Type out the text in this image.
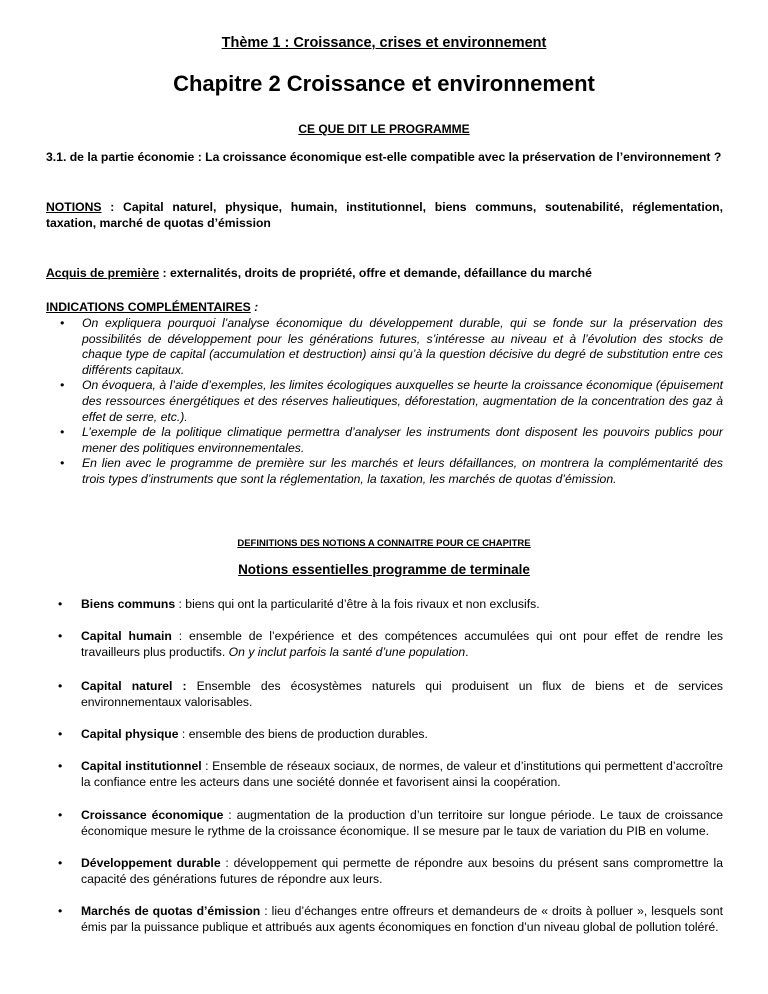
Thème 1 : Croissance, crises et environnement
Chapitre 2 Croissance et environnement
CE QUE DIT LE PROGRAMME

3.1. de la partie économie : La croissance économique est-elle compatible avec la préservation de l’environnement ?

NOTIONS : Capital naturel, physique, humain, institutionnel, biens communs, soutenabilité, réglementation, taxation, marché de quotas d’émission

Acquis de première : externalités, droits de propriété, offre et demande, défaillance du marché

INDICATIONS COMPLÉMENTAIRES :

• On expliquera pourquoi l’analyse économique du développement durable, qui se fonde sur la préservation des possibilités de développement pour les générations futures, s’intéresse au niveau et à l’évolution des stocks de chaque type de capital (accumulation et destruction) ainsi qu’à la question décisive du degré de substitution entre ces différents capitaux.

• On évoquera, à l’aide d’exemples, les limites écologiques auxquelles se heurte la croissance économique (épuisement des ressources énergétiques et des réserves halieutiques, déforestation, augmentation de la concentration des gaz à effet de serre, etc.).

• L’exemple de la politique climatique permettra d’analyser les instruments dont disposent les pouvoirs publics pour mener des politiques environnementales.

• En lien avec le programme de première sur les marchés et leurs défaillances, on montrera la complémentarité des trois types d’instruments que sont la réglementation, la taxation, les marchés de quotas d’émission.

DEFINITIONS DES NOTIONS A CONNAITRE POUR CE CHAPITRE
Notions essentielles programme de terminale
• Biens communs : biens qui ont la particularité d’être à la fois rivaux et non exclusifs.
• Capital humain : ensemble de l’expérience et des compétences accumulées qui ont pour effet de rendre les travailleurs plus productifs. On y inclut parfois la santé d’une population.
• Capital naturel : Ensemble des écosystèmes naturels qui produisent un flux de biens et de services environnementaux valorisables.
• Capital physique : ensemble des biens de production durables.
• Capital institutionnel : Ensemble de réseaux sociaux, de normes, de valeur et d’institutions qui permettent d’accroître la confiance entre les acteurs dans une société donnée et favorisent ainsi la coopération.
• Croissance économique : augmentation de la production d’un territoire sur longue période. Le taux de croissance économique mesure le rythme de la croissance économique. Il se mesure par le taux de variation du PIB en volume.
• Développement durable : développement qui permette de répondre aux besoins du présent sans compromettre la capacité des générations futures de répondre aux leurs.
• Marchés de quotas d’émission : lieu d’échanges entre offreurs et demandeurs de « droits à polluer », lesquels sont émis par la puissance publique et attribués aux agents économiques en fonction d’un niveau global de pollution toléré.
